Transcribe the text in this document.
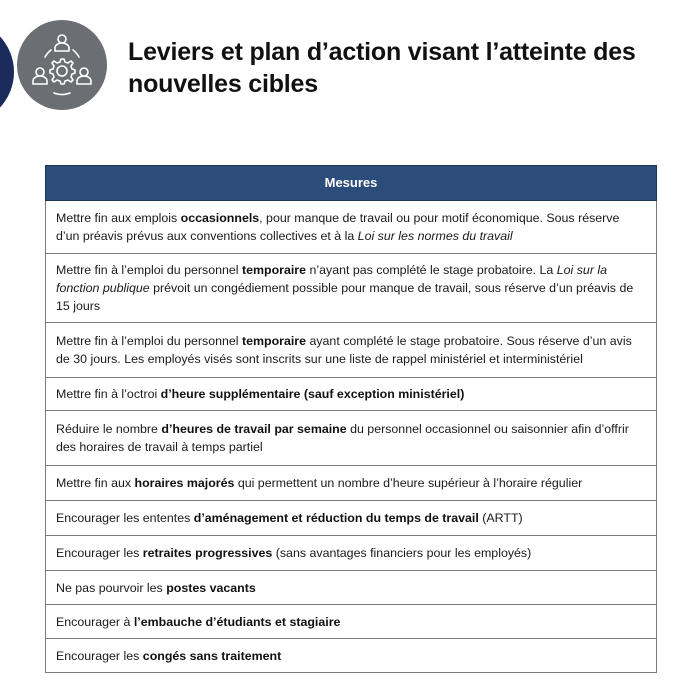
Leviers et plan d’action visant l’atteinte des nouvelles cibles
Mesures
Mettre fin aux emplois occasionnels, pour manque de travail ou pour motif économique. Sous réserve d’un préavis prévus aux conventions collectives et à la Loi sur les normes du travail
Mettre fin à l’emploi du personnel temporaire n’ayant pas complété le stage probatoire. La Loi sur la fonction publique prévoit un congédiement possible pour manque de travail, sous réserve d’un préavis de 15 jours
Mettre fin à l’emploi du personnel temporaire ayant complété le stage probatoire. Sous réserve d’un avis de 30 jours. Les employés visés sont inscrits sur une liste de rappel ministériel et interministériel
Mettre fin à l’octroi d’heure supplémentaire (sauf exception ministériel)
Réduire le nombre d’heures de travail par semaine du personnel occasionnel ou saisonnier afin d’offrir des horaires de travail à temps partiel
Mettre fin aux horaires majorés qui permettent un nombre d’heure supérieur à l’horaire régulier
Encourager les ententes d’aménagement et réduction du temps de travail (ARTT)
Encourager les retraites progressives (sans avantages financiers pour les employés)
Ne pas pourvoir les postes vacants
Encourager à l’embauche d’étudiants et stagiaire
Encourager les congés sans traitement
